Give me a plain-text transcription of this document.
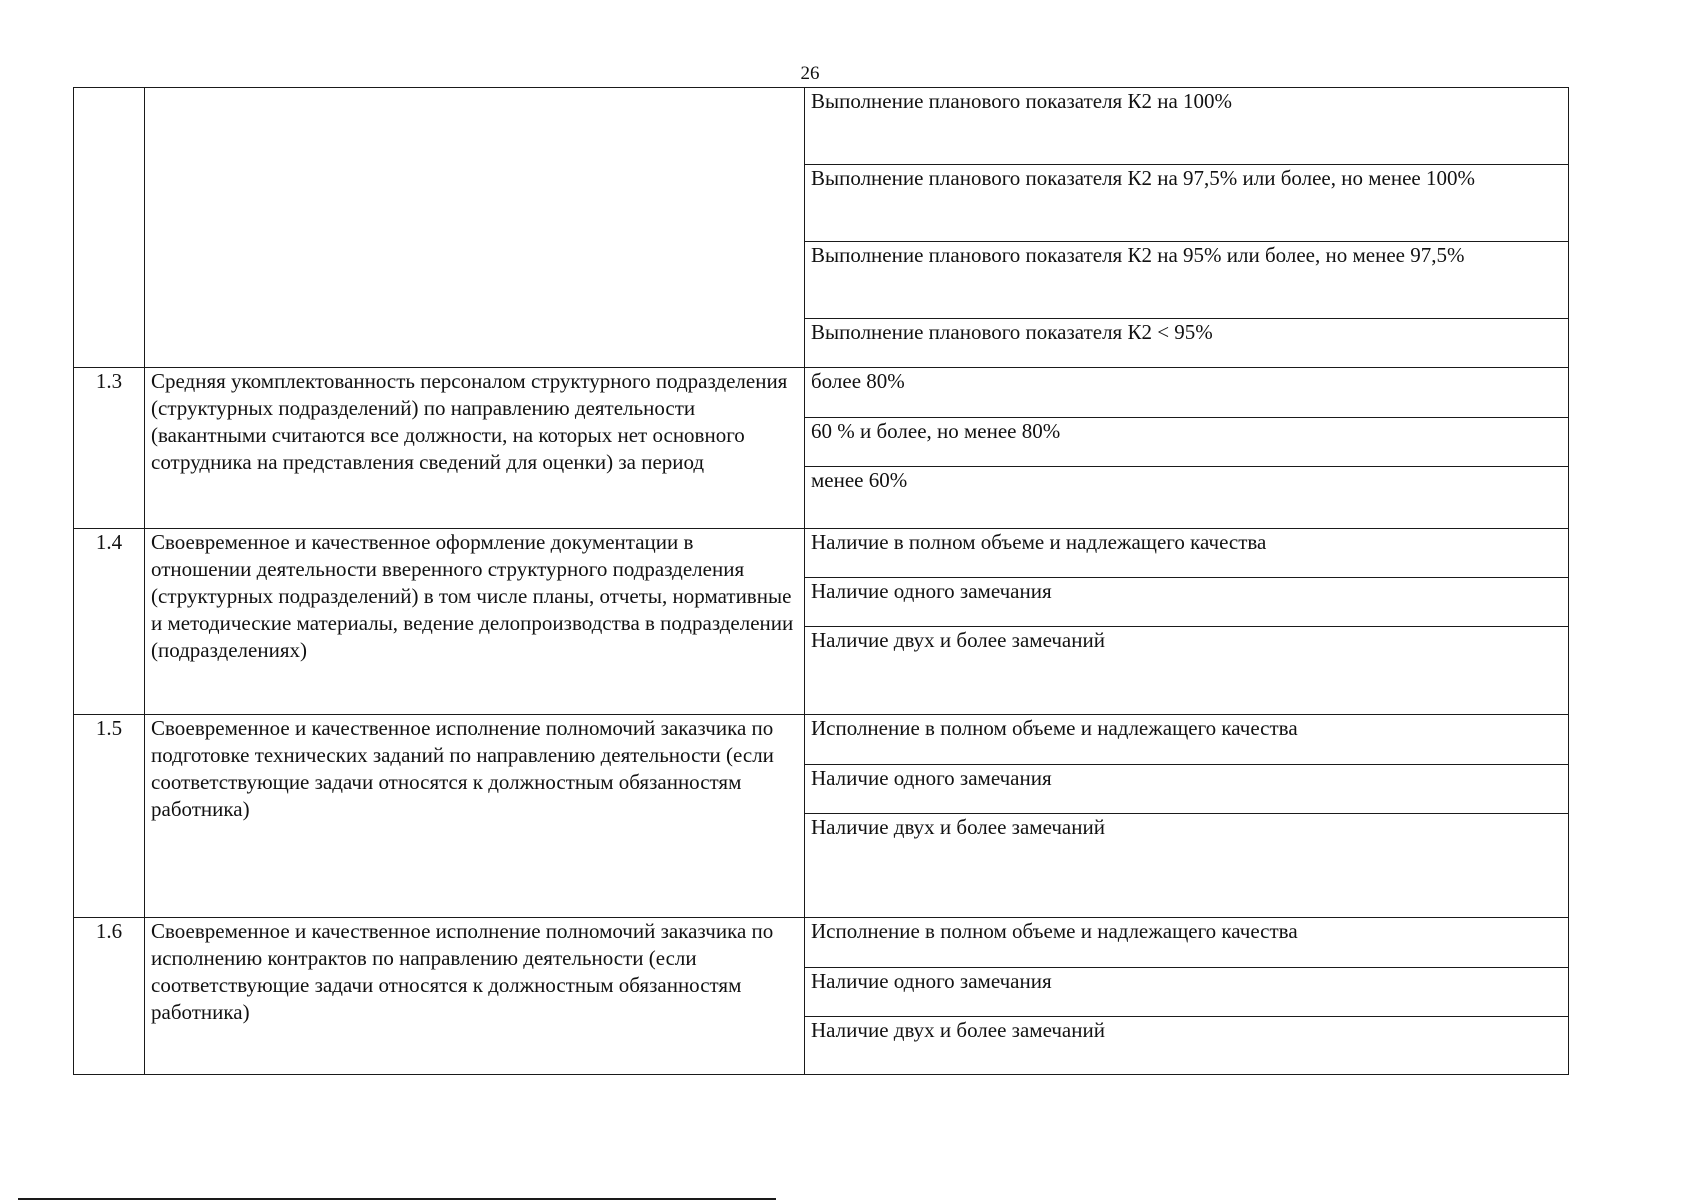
26
		Выполнение планового показателя К2 на 100%
		Выполнение планового показателя К2 на 97,5% или более, но менее 100%
		Выполнение планового показателя К2 на 95% или более, но менее 97,5%
		Выполнение планового показателя К2 < 95%
1.3	Средняя укомплектованность персоналом структурного подразделения (структурных подразделений) по направлению деятельности (вакантными считаются все должности, на которых нет основного сотрудника на представления сведений для оценки) за период	более 80%
		60 % и более, но менее 80%
		менее 60%
1.4	Своевременное и качественное оформление документации в отношении деятельности вверенного структурного подразделения (структурных подразделений) в том числе планы, отчеты, нормативные и методические материалы, ведение делопроизводства в подразделении (подразделениях)	Наличие в полном объеме и надлежащего качества
		Наличие одного замечания
		Наличие двух и более замечаний
1.5	Своевременное и качественное исполнение полномочий заказчика по подготовке технических заданий по направлению деятельности (если соответствующие задачи относятся к должностным обязанностям работника)	Исполнение в полном объеме и надлежащего качества
		Наличие одного замечания
		Наличие двух и более замечаний
1.6	Своевременное и качественное исполнение полномочий заказчика по исполнению контрактов по направлению деятельности (если соответствующие задачи относятся к должностным обязанностям работника)	Исполнение в полном объеме и надлежащего качества
		Наличие одного замечания
		Наличие двух и более замечаний
